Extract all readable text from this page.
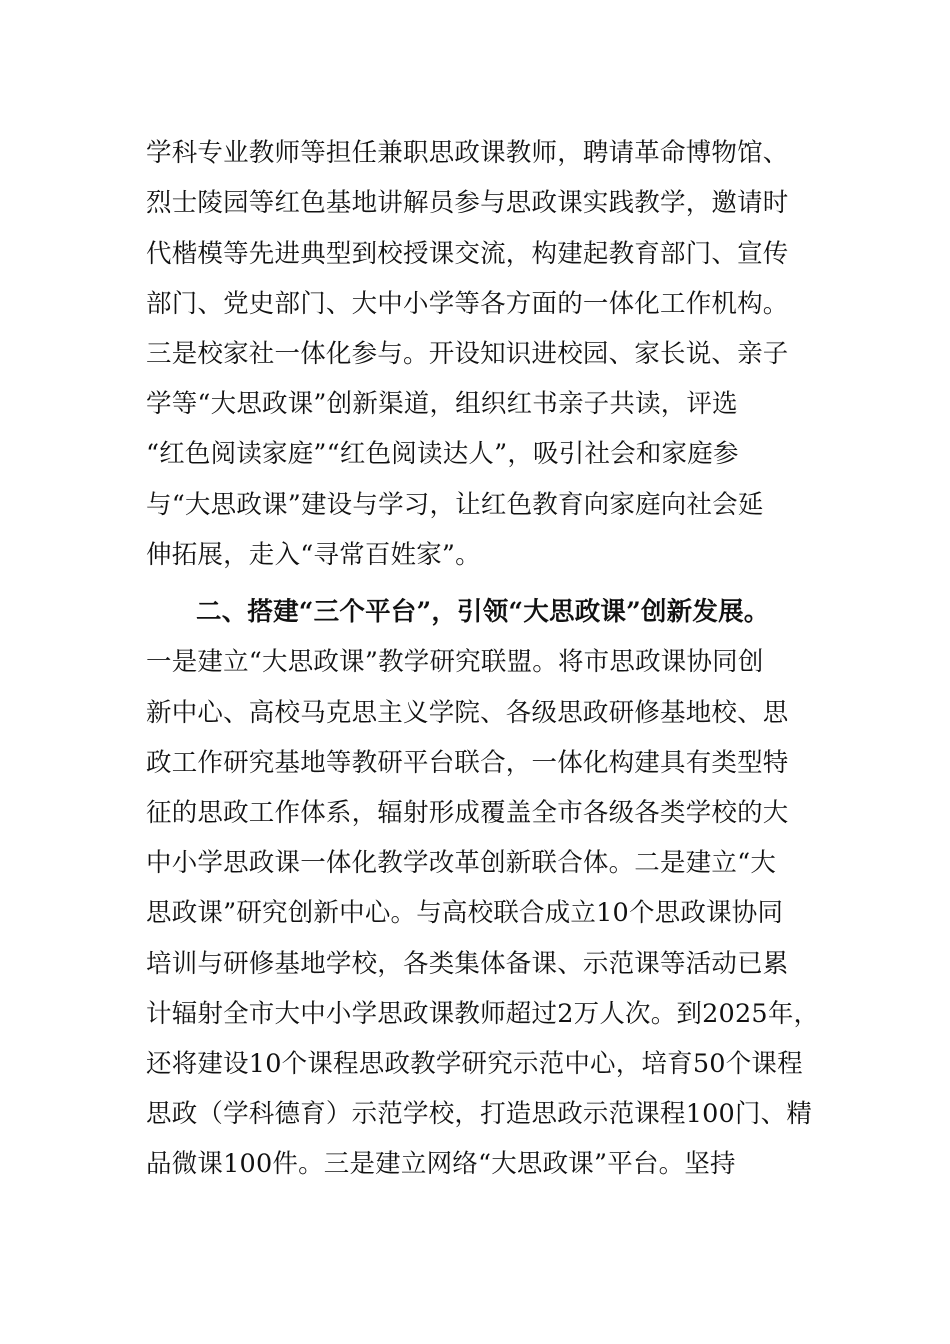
学科专业教师等担任兼职思政课教师，聘请革命博物馆、
烈士陵园等红色基地讲解员参与思政课实践教学，邀请时
代楷模等先进典型到校授课交流，构建起教育部门、宣传
部门、党史部门、大中小学等各方面的一体化工作机构。
三是校家社一体化参与。开设知识进校园、家长说、亲子
学等“大思政课”创新渠道，组织红书亲子共读，评选
“红色阅读家庭”“红色阅读达人”，吸引社会和家庭参
与“大思政课”建设与学习，让红色教育向家庭向社会延
伸拓展，走入“寻常百姓家”。
二、搭建“三个平台”，引领“大思政课”创新发展。
一是建立“大思政课”教学研究联盟。将市思政课协同创
新中心、高校马克思主义学院、各级思政研修基地校、思
政工作研究基地等教研平台联合，一体化构建具有类型特
征的思政工作体系，辐射形成覆盖全市各级各类学校的大
中小学思政课一体化教学改革创新联合体。二是建立“大
思政课”研究创新中心。与高校联合成立10个思政课协同
培训与研修基地学校，各类集体备课、示范课等活动已累
计辐射全市大中小学思政课教师超过2万人次。到2025年，
还将建设10个课程思政教学研究示范中心，培育50个课程
思政（学科德育）示范学校，打造思政示范课程100门、精
品微课100件。三是建立网络“大思政课”平台。坚持
